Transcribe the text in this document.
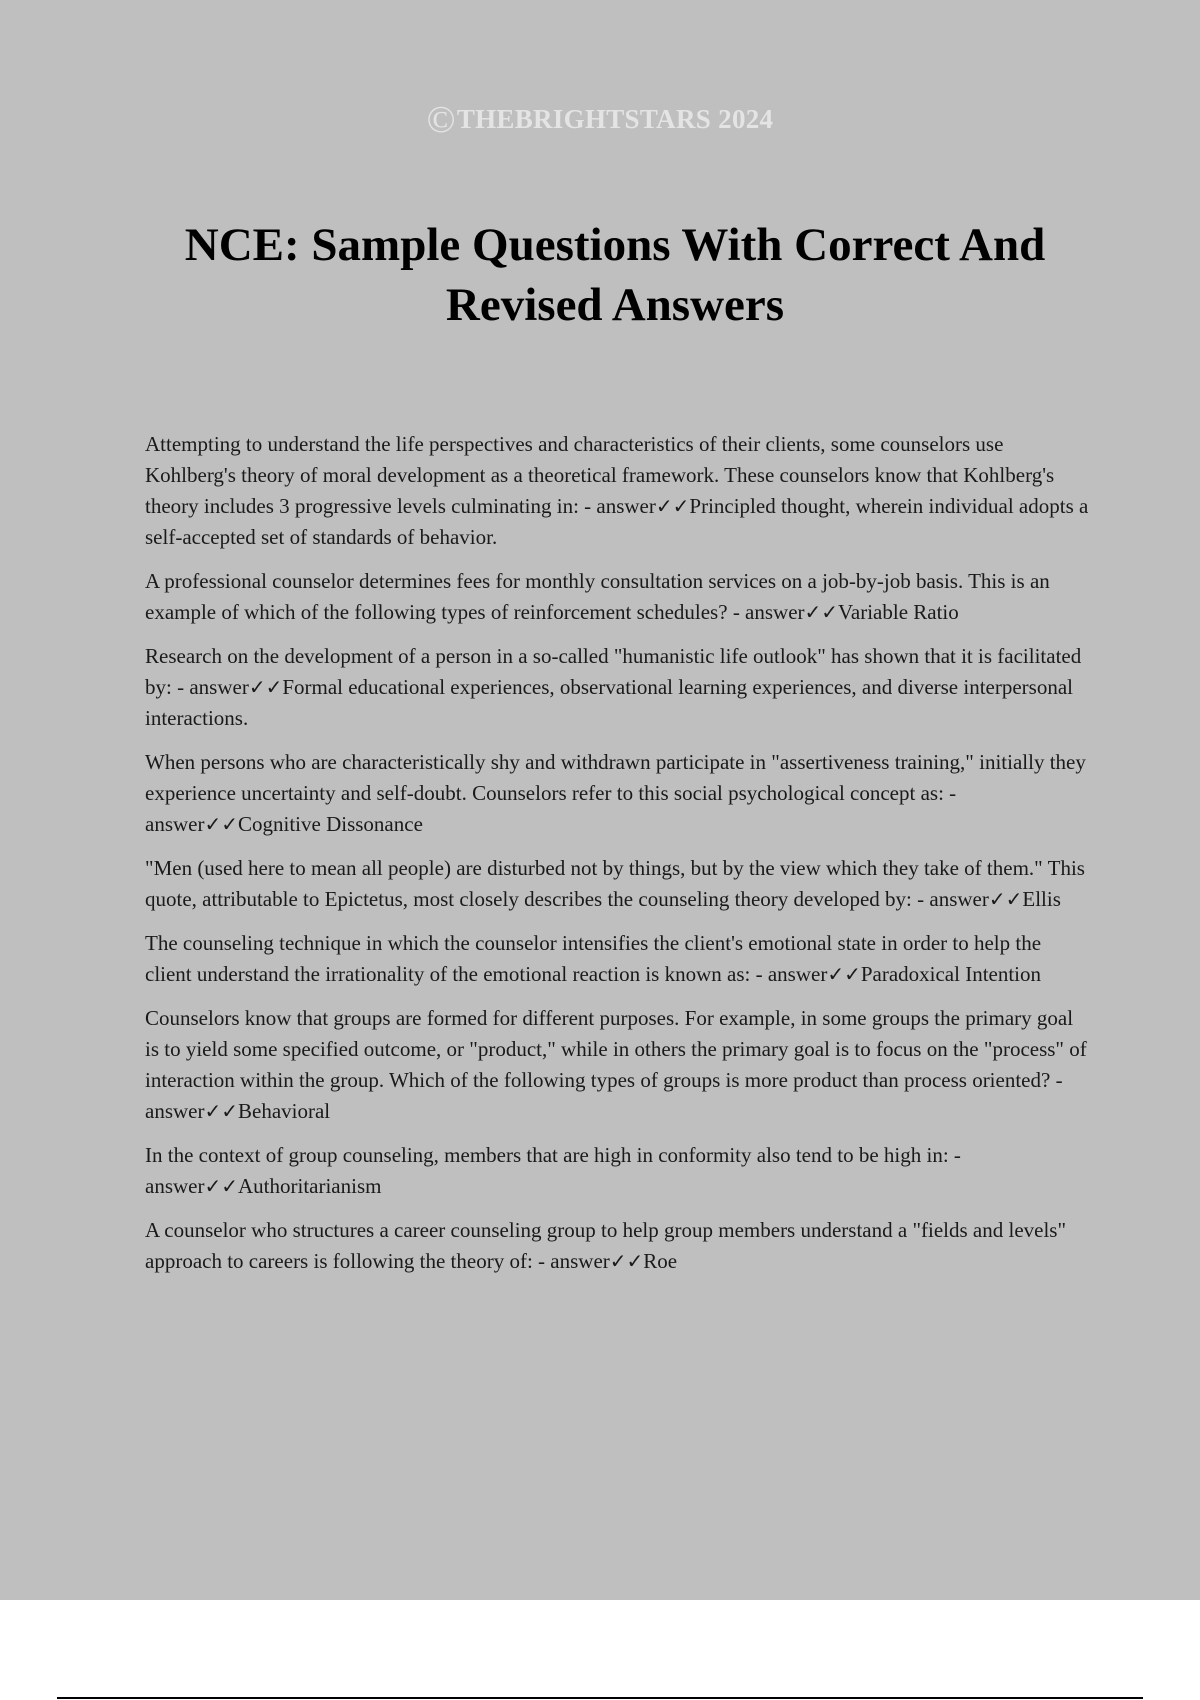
©THEBRIGHTSTARS 2024
NCE: Sample Questions With Correct And Revised Answers

Attempting to understand the life perspectives and characteristics of their clients, some counselors use Kohlberg's theory of moral development as a theoretical framework. These counselors know that Kohlberg's theory includes 3 progressive levels culminating in: - answer✓✓Principled thought, wherein individual adopts a self-accepted set of standards of behavior.

A professional counselor determines fees for monthly consultation services on a job-by-job basis. This is an example of which of the following types of reinforcement schedules? - answer✓✓Variable Ratio

Research on the development of a person in a so-called "humanistic life outlook" has shown that it is facilitated by: - answer✓✓Formal educational experiences, observational learning experiences, and diverse interpersonal interactions.

When persons who are characteristically shy and withdrawn participate in "assertiveness training," initially they experience uncertainty and self-doubt. Counselors refer to this social psychological concept as: - answer✓✓Cognitive Dissonance

"Men (used here to mean all people) are disturbed not by things, but by the view which they take of them." This quote, attributable to Epictetus, most closely describes the counseling theory developed by: - answer✓✓Ellis

The counseling technique in which the counselor intensifies the client's emotional state in order to help the client understand the irrationality of the emotional reaction is known as: - answer✓✓Paradoxical Intention

Counselors know that groups are formed for different purposes. For example, in some groups the primary goal is to yield some specified outcome, or "product," while in others the primary goal is to focus on the "process" of interaction within the group. Which of the following types of groups is more product than process oriented? - answer✓✓Behavioral

In the context of group counseling, members that are high in conformity also tend to be high in: - answer✓✓Authoritarianism

A counselor who structures a career counseling group to help group members understand a "fields and levels" approach to careers is following the theory of: - answer✓✓Roe
